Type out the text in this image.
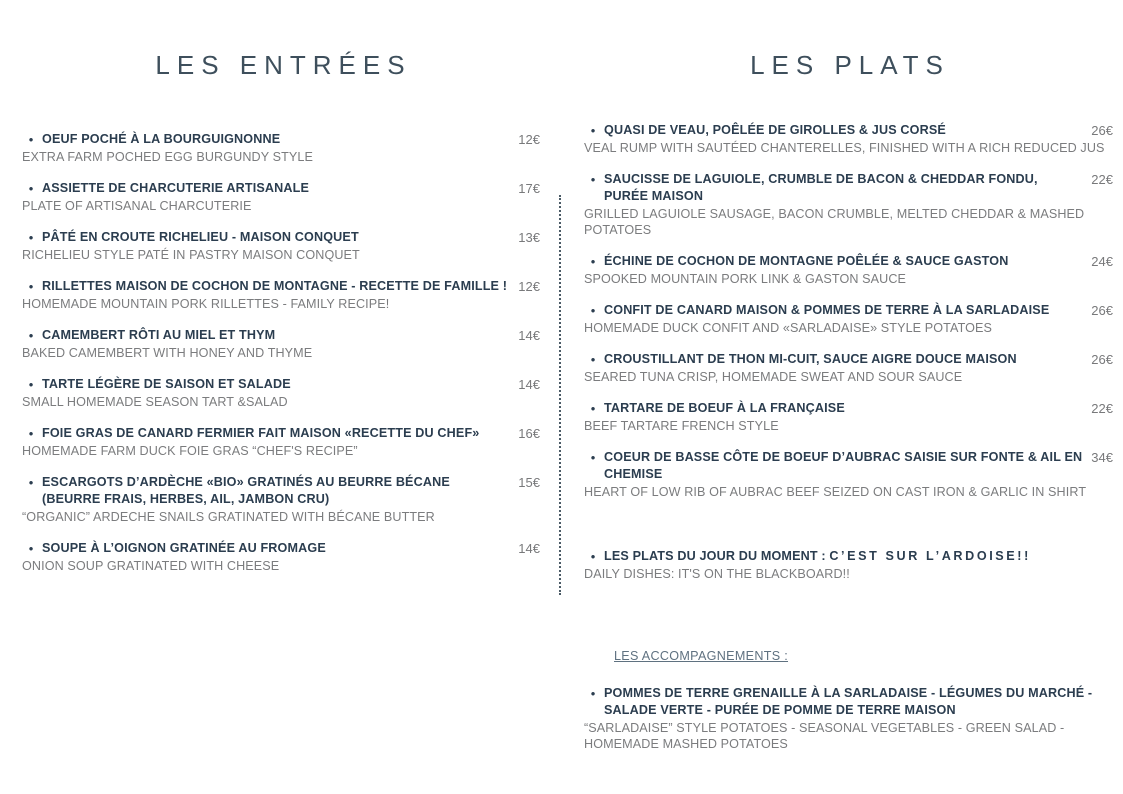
LES ENTRÉES
• OEUF POCHÉ À LA BOURGUIGNONNE	12€
EXTRA FARM POCHED EGG BURGUNDY STYLE
• ASSIETTE DE CHARCUTERIE ARTISANALE	17€
PLATE OF ARTISANAL CHARCUTERIE
• PÂTÉ EN CROUTE RICHELIEU - MAISON CONQUET	13€
RICHELIEU STYLE PATÉ IN PASTRY MAISON CONQUET
• RILLETTES MAISON DE COCHON DE MONTAGNE - RECETTE DE FAMILLE ! 12€
HOMEMADE MOUNTAIN PORK RILLETTES - FAMILY RECIPE!
• CAMEMBERT RÔTI AU MIEL ET THYM	14€
BAKED CAMEMBERT WITH HONEY AND THYME
• TARTE LÉGÈRE DE SAISON ET SALADE	14€
SMALL HOMEMADE SEASON TART &SALAD
• FOIE GRAS DE CANARD FERMIER FAIT MAISON «RECETTE DU CHEF»	16€
HOMEMADE FARM DUCK FOIE GRAS “CHEF'S RECIPE”
• ESCARGOTS D’ARDÈCHE «BIO» GRATINÉS AU BEURRE BÉCANE (BEURRE FRAIS, HERBES, AIL, JAMBON CRU)
15€
“ORGANIC” ARDECHE SNAILS GRATINATED WITH BÉCANE BUTTER
• SOUPE À L’OIGNON GRATINÉE AU FROMAGE	14€
ONION SOUP GRATINATED WITH CHEESE
LES PLATS
• QUASI DE VEAU, POÊLÉE DE GIROLLES & JUS CORSÉ	26€
VEAL RUMP WITH SAUTÉED CHANTERELLES, FINISHED WITH A RICH REDUCED JUS
• SAUCISSE DE LAGUIOLE, CRUMBLE DE BACON & CHEDDAR FONDU, PURÉE MAISON
22€
GRILLED LAGUIOLE SAUSAGE, BACON CRUMBLE, MELTED CHEDDAR & MASHED POTATOES
• ÉCHINE DE COCHON DE MONTAGNE POÊLÉE & SAUCE GASTON	24€
SPOOKED MOUNTAIN PORK LINK & GASTON SAUCE
• CONFIT DE CANARD MAISON & POMMES DE TERRE À LA SARLADAISE	26€
HOMEMADE DUCK CONFIT AND «SARLADAISE» STYLE POTATOES
• CROUSTILLANT DE THON MI-CUIT, SAUCE AIGRE DOUCE MAISON	26€
SEARED TUNA CRISP, HOMEMADE SWEAT AND SOUR SAUCE
• TARTARE DE BOEUF À LA FRANÇAISE	22€
BEEF TARTARE FRENCH STYLE
• COEUR DE BASSE CÔTE DE BOEUF D’AUBRAC SAISIE SUR FONTE & AIL EN CHEMISE
34€
HEART OF LOW RIB OF AUBRAC BEEF SEIZED ON CAST IRON & GARLIC IN SHIRT
• LES PLATS DU JOUR DU MOMENT : C’EST SUR L’ARDOISE!!
DAILY DISHES: IT'S ON THE BLACKBOARD!!
LES ACCOMPAGNEMENTS :
• POMMES DE TERRE GRENAILLE À LA SARLADAISE - LÉGUMES DU MARCHÉ - SALADE VERTE - PURÉE DE POMME DE TERRE MAISON
“SARLADAISE” STYLE POTATOES - SEASONAL VEGETABLES - GREEN SALAD - HOMEMADE MASHED POTATOES
